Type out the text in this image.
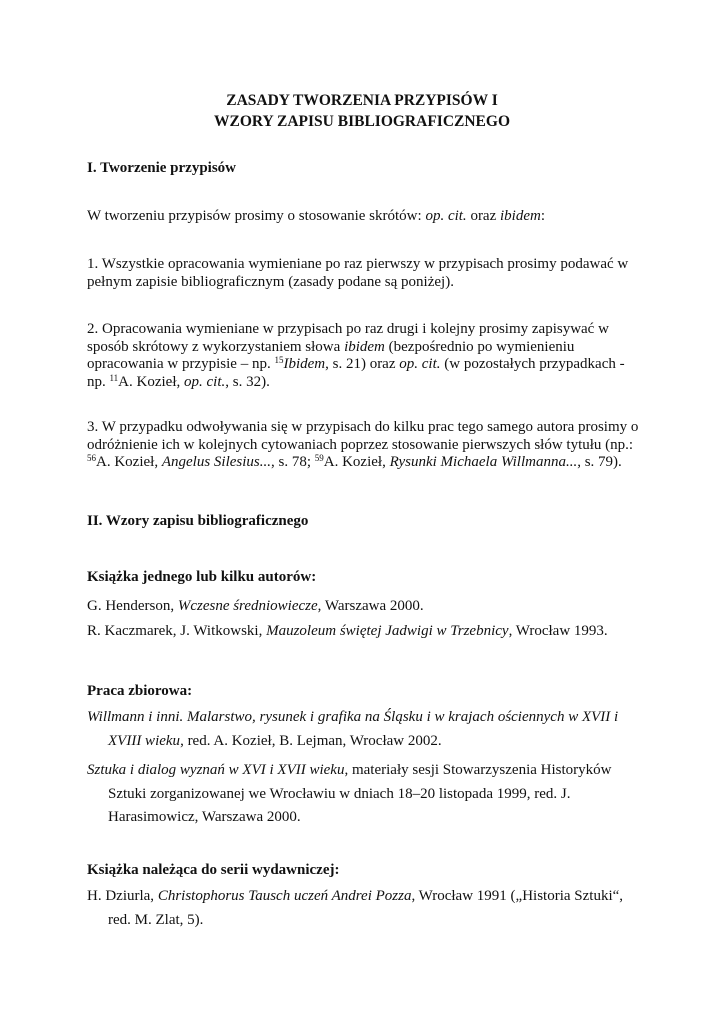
ZASADY TWORZENIA PRZYPISÓW I
WZORY ZAPISU BIBLIOGRAFICZNEGO
I. Tworzenie przypisów
W tworzeniu przypisów prosimy o stosowanie skrótów: op. cit. oraz ibidem:
1. Wszystkie opracowania wymieniane po raz pierwszy w przypisach prosimy podawać w pełnym zapisie bibliograficznym (zasady podane są poniżej).
2. Opracowania wymieniane w przypisach po raz drugi i kolejny prosimy zapisywać w sposób skrótowy z wykorzystaniem słowa ibidem (bezpośrednio po wymienieniu opracowania w przypisie – np. $^{15}$Ibidem, s. 21) oraz op. cit. (w pozostałych przypadkach - np. $^{11}$A. Kozieł, op. cit., s. 32).
3. W przypadku odwoływania się w przypisach do kilku prac tego samego autora prosimy o odróżnienie ich w kolejnych cytowaniach poprzez stosowanie pierwszych słów tytułu (np.: $^{56}$A. Kozieł, Angelus Silesius..., s. 78; $^{59}$A. Kozieł, Rysunki Michaela Willmanna..., s. 79).
II. Wzory zapisu bibliograficznego
Książka jednego lub kilku autorów:
G. Henderson, Wczesne średniowiecze, Warszawa 2000.
R. Kaczmarek, J. Witkowski, Mauzoleum świętej Jadwigi w Trzebnicy, Wrocław 1993.
Praca zbiorowa:
Willmann i inni. Malarstwo, rysunek i grafika na Śląsku i w krajach ościennych w XVII i XVIII wieku, red. A. Kozieł, B. Lejman, Wrocław 2002.
Sztuka i dialog wyznań w XVI i XVII wieku, materiały sesji Stowarzyszenia Historyków Sztuki zorganizowanej we Wrocławiu w dniach 18–20 listopada 1999, red. J. Harasimowicz, Warszawa 2000.
Książka należąca do serii wydawniczej:
H. Dziurla, Christophorus Tausch uczeń Andrei Pozza, Wrocław 1991 („Historia Sztuki“, red. M. Zlat, 5).
